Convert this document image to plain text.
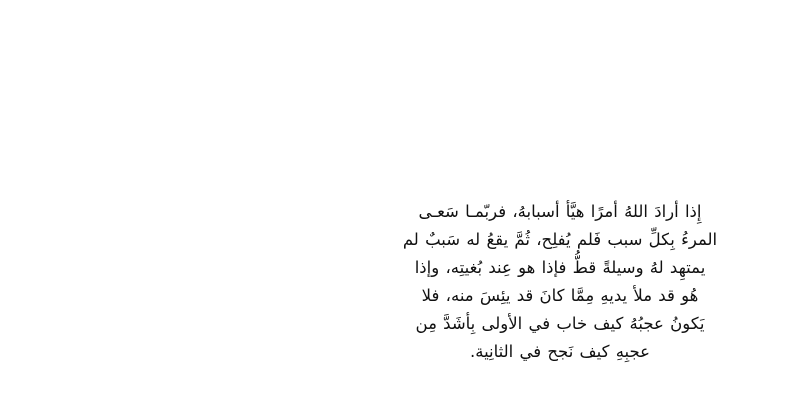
إِذا أرادَ اللهُ أمرًا هيَّأ أسبابهُ، فربّمـا سَعـى

المرءُ بِكلِّ سبب فَلم يُفلِح، ثُمَّ يقعُ له سَببٌ لم

يمتهِد لهُ وسيلةً قطُّ فإذا هو عِند بُغيتِه، وإذا

هُو قد ملأ يديهِ مِمَّا كانَ قد يئِسَ منه، فلا

يَكونُ عجبُهُ كيف خاب في الأولى بِأشَدَّ مِن

عجبِهِ كيف نَجح في الثانِية.
